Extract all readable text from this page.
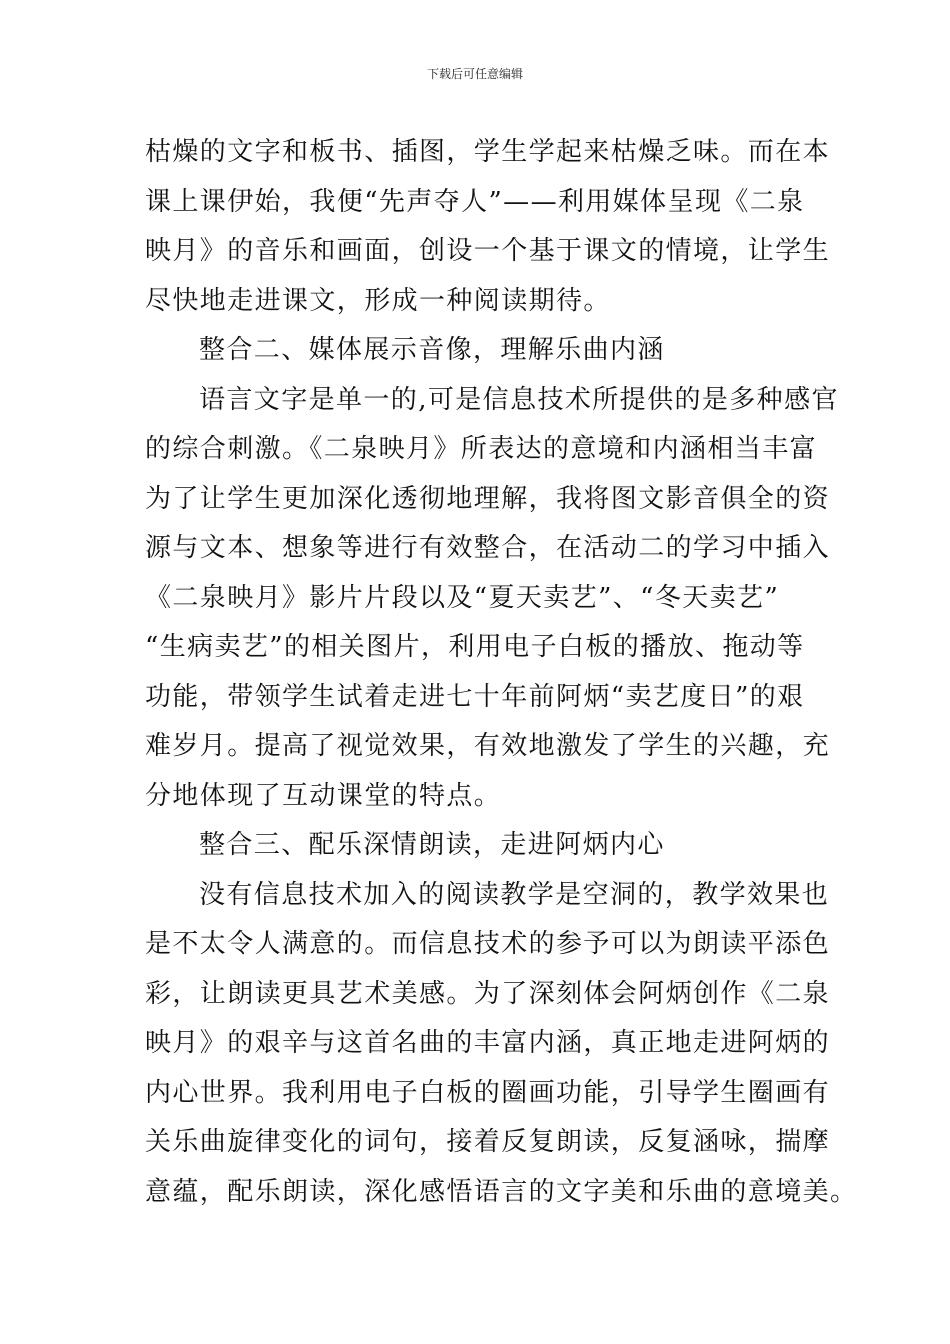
下载后可任意编辑
枯燥的文字和板书、插图，学生学起来枯燥乏味。而在本
课上课伊始，我便“先声夺人”——利用媒体呈现《二泉
映月》的音乐和画面，创设一个基于课文的情境，让学生
尽快地走进课文，形成一种阅读期待。
整合二、媒体展示音像，理解乐曲内涵
语言文字是单一的,可是信息技术所提供的是多种感官
的综合刺激。《二泉映月》所表达的意境和内涵相当丰富
为了让学生更加深化透彻地理解，我将图文影音俱全的资
源与文本、想象等进行有效整合，在活动二的学习中插入
《二泉映月》影片片段以及“夏天卖艺”、“冬天卖艺”
“生病卖艺”的相关图片，利用电子白板的播放、拖动等
功能，带领学生试着走进七十年前阿炳“卖艺度日”的艰
难岁月。提高了视觉效果，有效地激发了学生的兴趣，充
分地体现了互动课堂的特点。
整合三、配乐深情朗读，走进阿炳内心
没有信息技术加入的阅读教学是空洞的，教学效果也
是不太令人满意的。而信息技术的参予可以为朗读平添色
彩，让朗读更具艺术美感。为了深刻体会阿炳创作《二泉
映月》的艰辛与这首名曲的丰富内涵，真正地走进阿炳的
内心世界。我利用电子白板的圈画功能，引导学生圈画有
关乐曲旋律变化的词句，接着反复朗读，反复涵咏，揣摩
意蕴，配乐朗读，深化感悟语言的文字美和乐曲的意境美。
